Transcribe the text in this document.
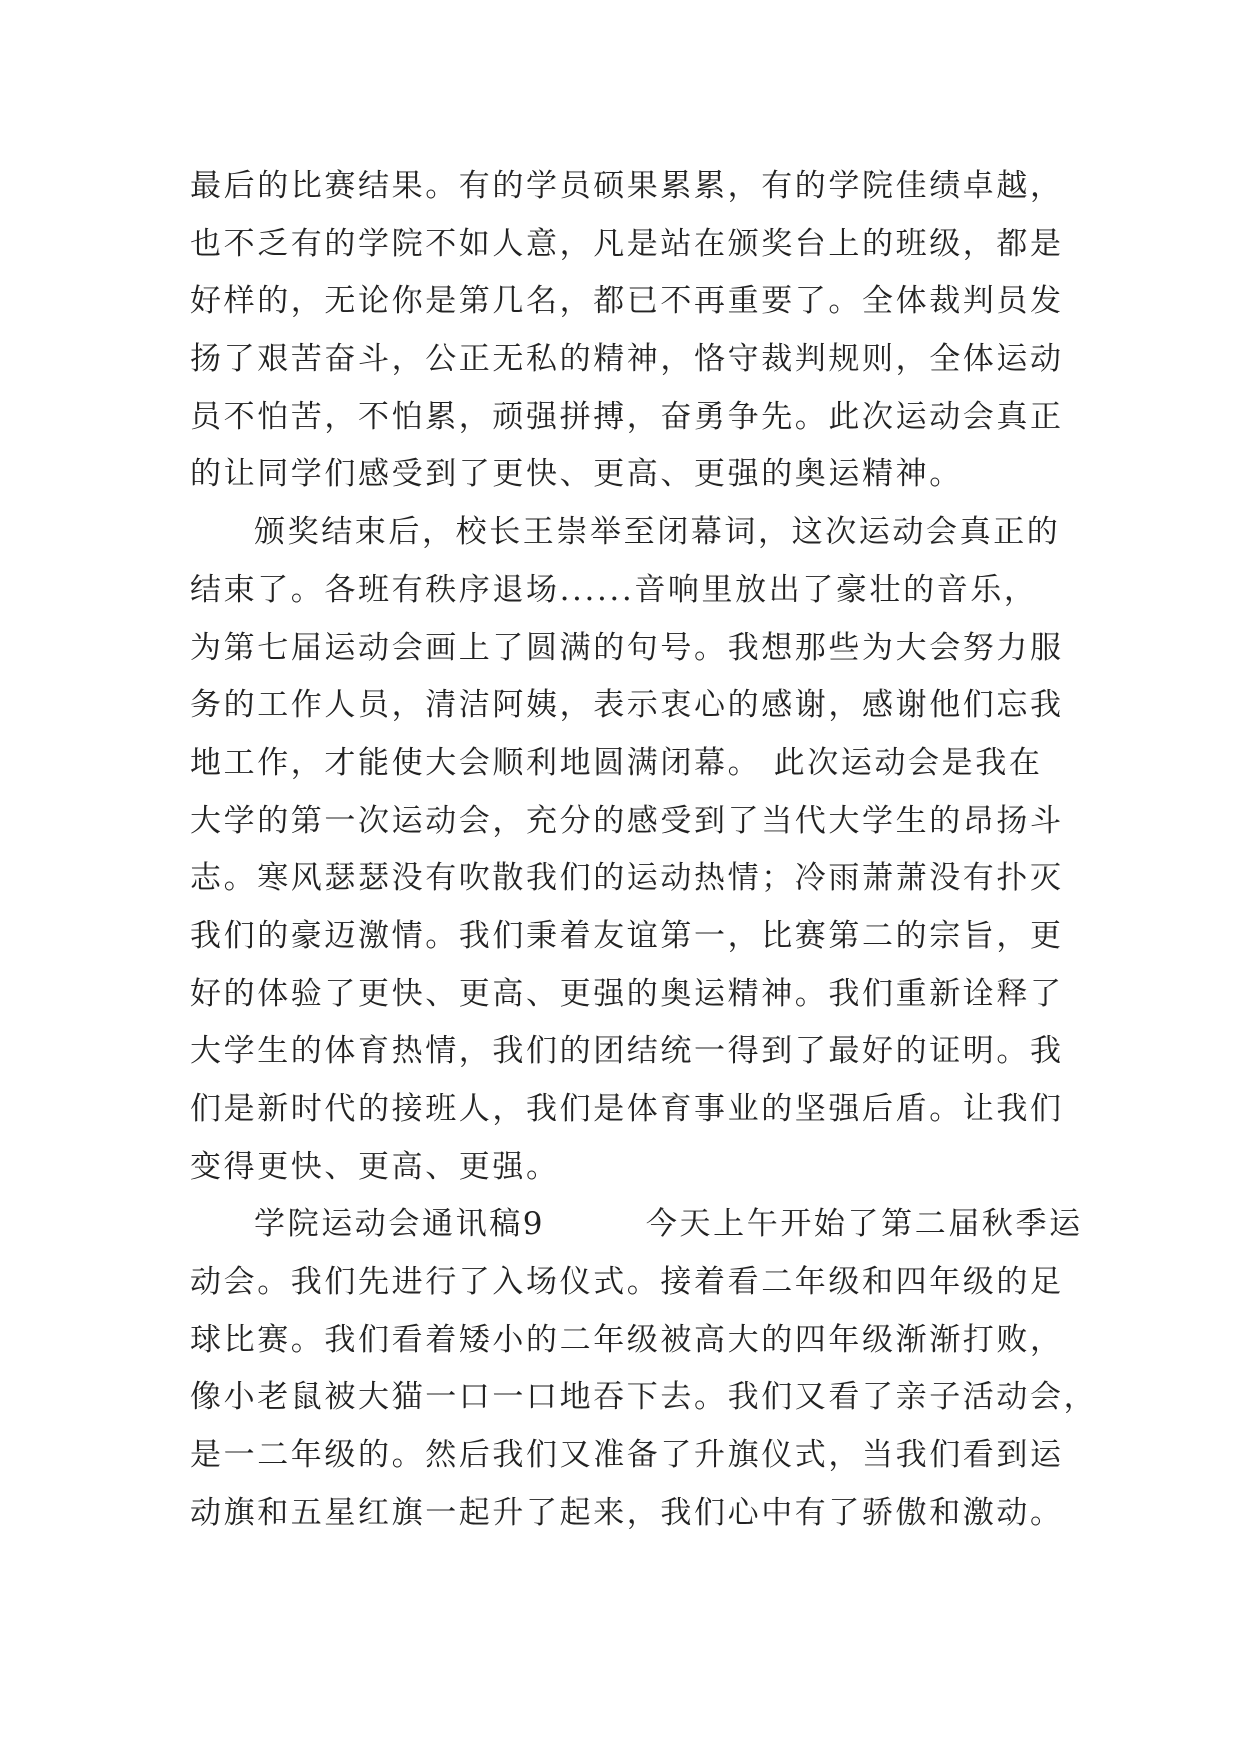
最后的比赛结果。有的学员硕果累累，有的学院佳绩卓越，
也不乏有的学院不如人意，凡是站在颁奖台上的班级，都是
好样的，无论你是第几名，都已不再重要了。全体裁判员发
扬了艰苦奋斗，公正无私的精神，恪守裁判规则，全体运动
员不怕苦，不怕累，顽强拼搏，奋勇争先。此次运动会真正
的让同学们感受到了更快、更高、更强的奥运精神。
颁奖结束后，校长王崇举至闭幕词，这次运动会真正的
结束了。各班有秩序退场......音响里放出了豪壮的音乐，
为第七届运动会画上了圆满的句号。我想那些为大会努力服
务的工作人员，清洁阿姨，表示衷心的感谢，感谢他们忘我
地工作，才能使大会顺利地圆满闭幕。 此次运动会是我在
大学的第一次运动会，充分的感受到了当代大学生的昂扬斗
志。寒风瑟瑟没有吹散我们的运动热情；冷雨萧萧没有扑灭
我们的豪迈激情。我们秉着友谊第一，比赛第二的宗旨，更
好的体验了更快、更高、更强的奥运精神。我们重新诠释了
大学生的体育热情，我们的团结统一得到了最好的证明。我
们是新时代的接班人，我们是体育事业的坚强后盾。让我们
变得更快、更高、更强。
学院运动会通讯稿9　　　今天上午开始了第二届秋季运
动会。我们先进行了入场仪式。接着看二年级和四年级的足
球比赛。我们看着矮小的二年级被高大的四年级渐渐打败，
像小老鼠被大猫一口一口地吞下去。我们又看了亲子活动会，
是一二年级的。然后我们又准备了升旗仪式，当我们看到运
动旗和五星红旗一起升了起来，我们心中有了骄傲和激动。
